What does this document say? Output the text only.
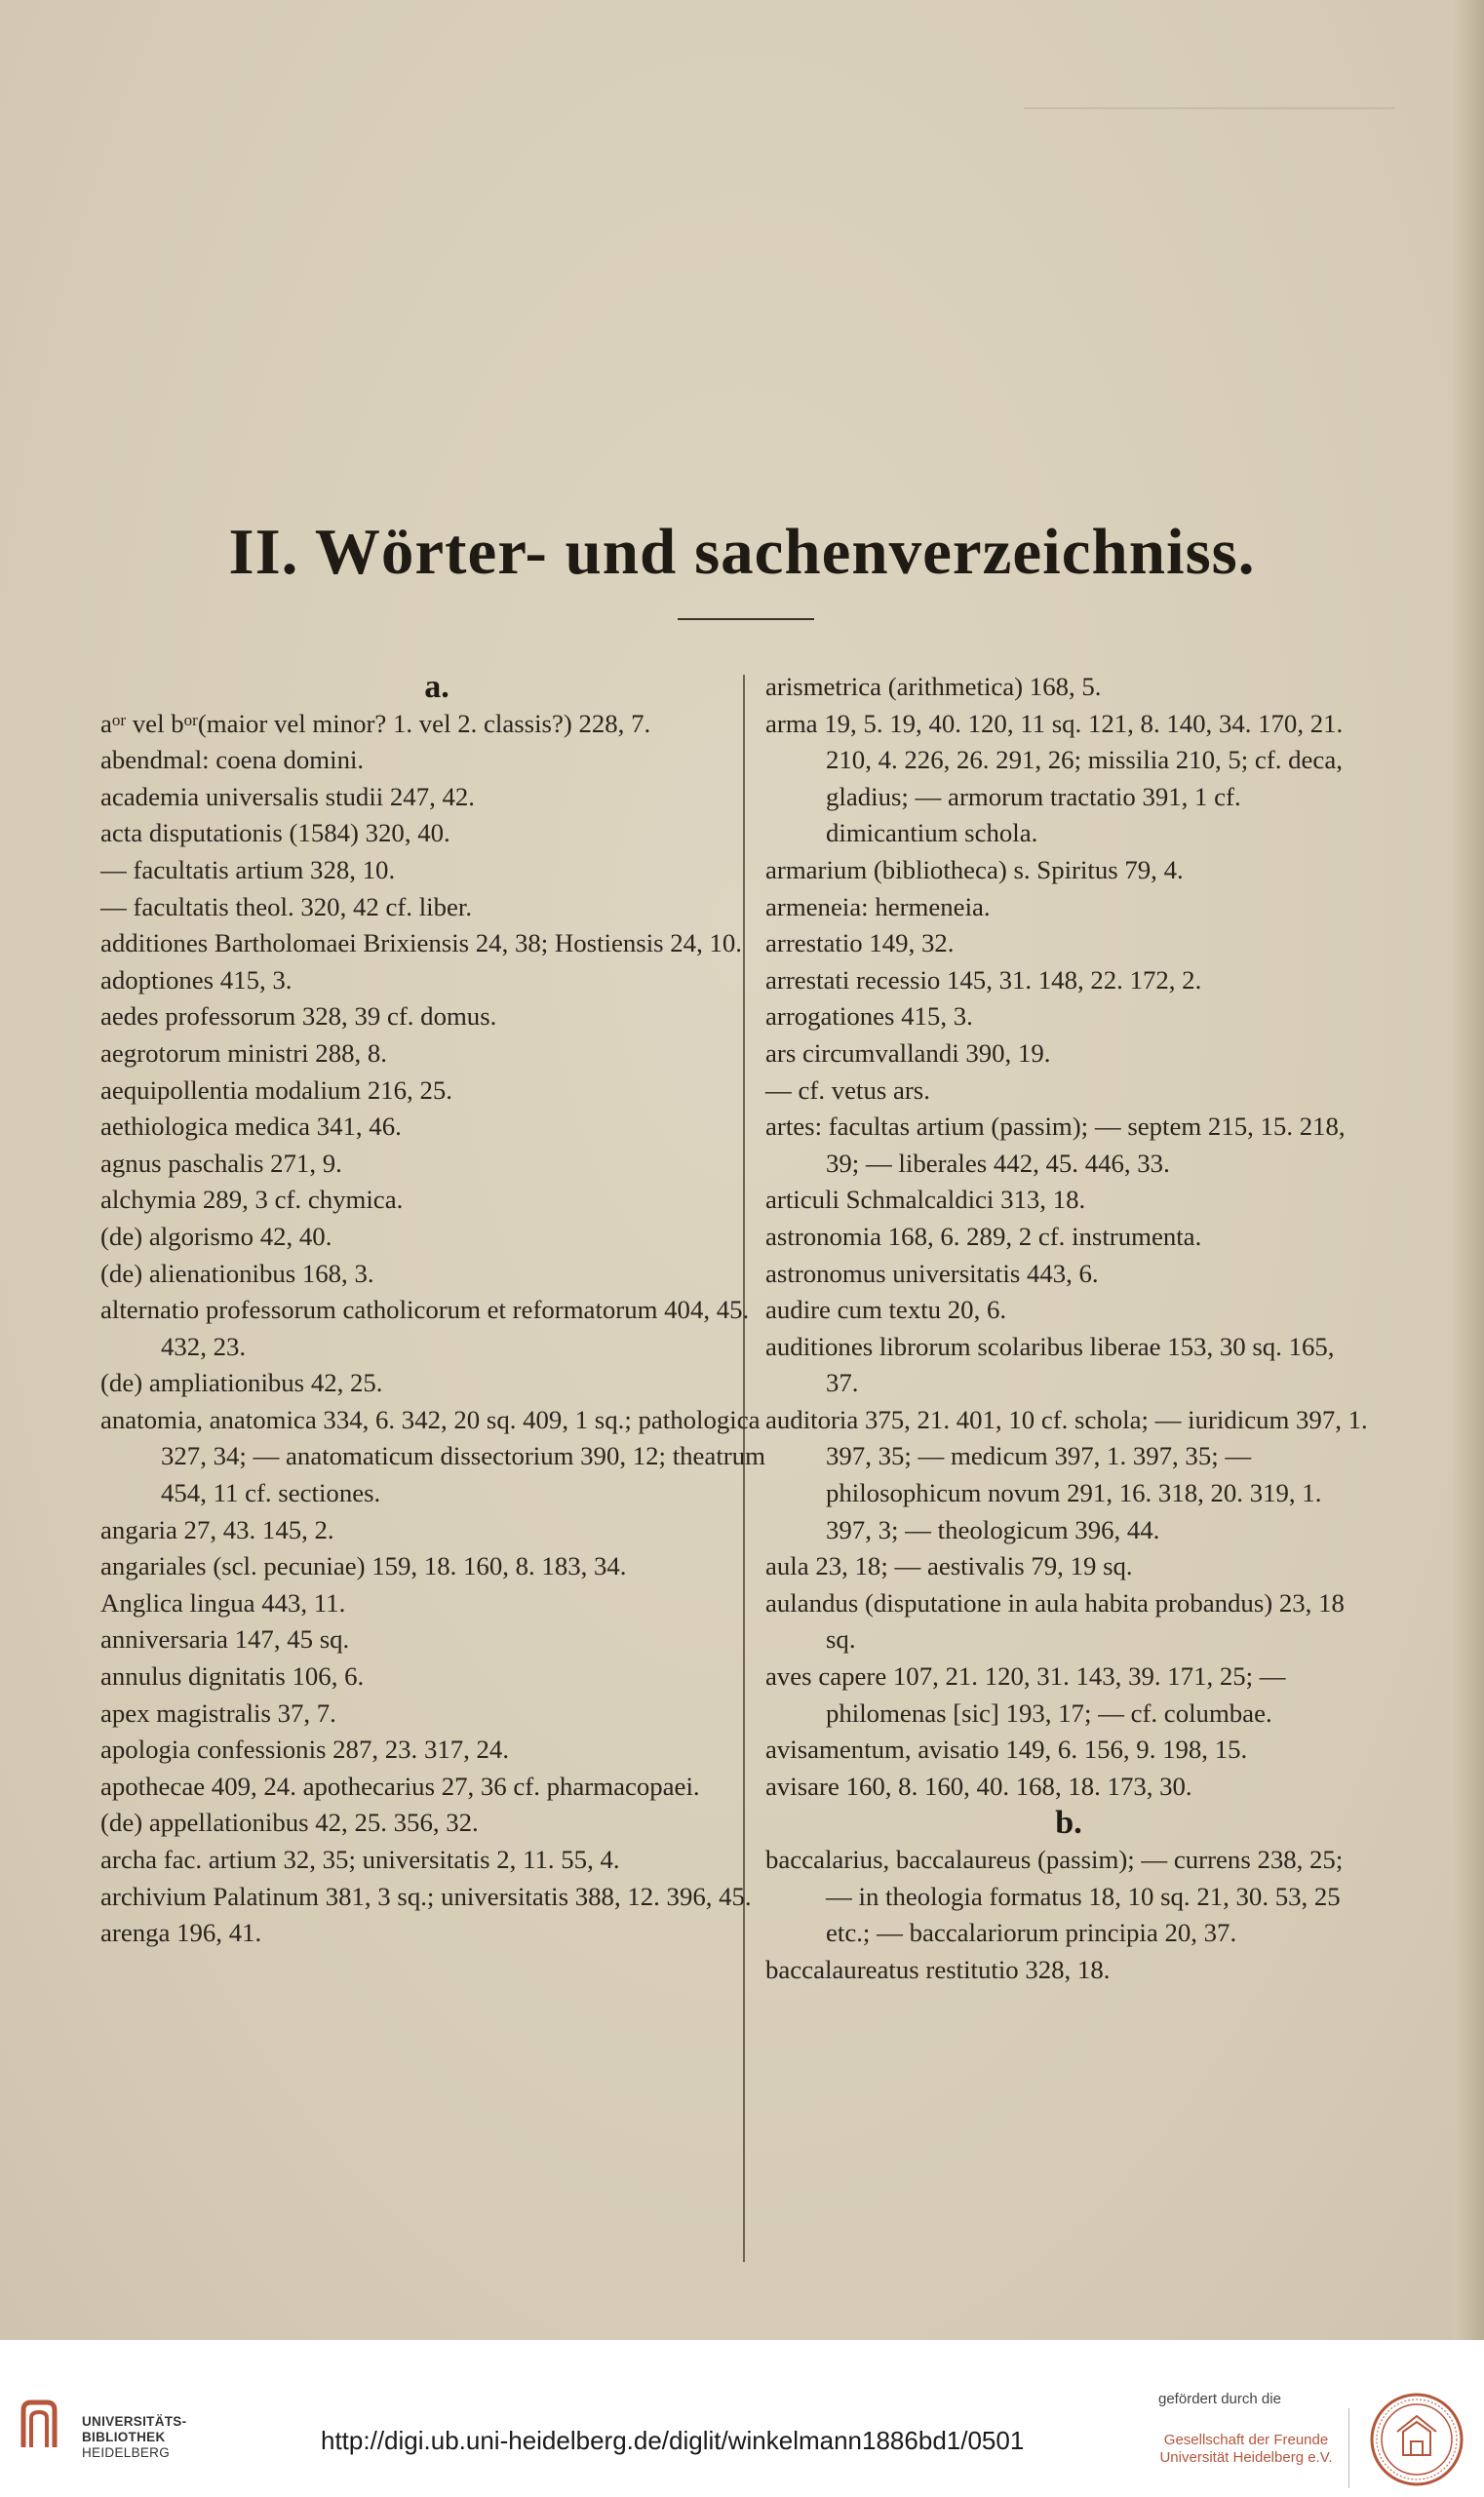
II. Wörter- und sachenverzeichniss.
a.
$a^{or}$ vel $b^{or}(maior$ vel minor? 1. vel 2. classis?) 228, 7.
abendmal: coena domini.
academia universalis studii 247, 42.
acta disputationis (1584) 320, 40.
— facultatis artium 328, 10.
— facultatis theol. 320, 42 cf. liber.
additiones Bartholomaei Brixiensis 24, 38; Hostiensis 24, 10.
adoptiones 415, 3.
aedes professorum 328, 39 cf. domus.
aegrotorum ministri 288, 8.
aequipollentia modalium 216, 25.
aethiologica medica 341, 46.
agnus paschalis 271, 9.
alchymia 289, 3 cf. chymica.
(de) algorismo 42, 40.
(de) alienationibus 168, 3.
alternatio professorum catholicorum et reformatorum 404, 45. 432, 23.
(de) ampliationibus 42, 25.
anatomia, anatomica 334, 6. 342, 20 sq. 409, 1 sq.; pathologica 327, 34; — anatomaticum dissectorium 390, 12; theatrum 454, 11 cf. sectiones.
angaria 27, 43. 145, 2.
angariales (scl. pecuniae) 159, 18. 160, 8. 183, 34.
Anglica lingua 443, 11.
anniversaria 147, 45 sq.
annulus dignitatis 106, 6.
apex magistralis 37, 7.
apologia confessionis 287, 23. 317, 24.
apothecae 409, 24. apothecarius 27, 36 cf. pharmacopaei.
(de) appellationibus 42, 25. 356, 32.
archa fac. artium 32, 35; universitatis 2, 11. 55, 4.
archivium Palatinum 381, 3 sq.; universitatis 388, 12. 396, 45.
arenga 196, 41.
arismetrica (arithmetica) 168, 5.
arma 19, 5. 19, 40. 120, 11 sq. 121, 8. 140, 34. 170, 21. 210, 4. 226, 26. 291, 26; missilia 210, 5; cf. deca, gladius; — armorum tractatio 391, 1 cf. dimicantium schola.
armarium (bibliotheca) s. Spiritus 79, 4.
armeneia: hermeneia.
arrestatio 149, 32.
arrestati recessio 145, 31. 148, 22. 172, 2.
arrogationes 415, 3.
ars circumvallandi 390, 19.
— cf. vetus ars.
artes: facultas artium (passim); — septem 215, 15. 218, 39; — liberales 442, 45. 446, 33.
articuli Schmalcaldici 313, 18.
astronomia 168, 6. 289, 2 cf. instrumenta.
astronomus universitatis 443, 6.
audire cum textu 20, 6.
auditiones librorum scolaribus liberae 153, 30 sq. 165, 37.
auditoria 375, 21. 401, 10 cf. schola; — iuridicum 397, 1. 397, 35; — medicum 397, 1. 397, 35; — philosophicum novum 291, 16. 318, 20. 319, 1. 397, 3; — theologicum 396, 44.
aula 23, 18; — aestivalis 79, 19 sq.
aulandus (disputatione in aula habita probandus) 23, 18 sq.
aves capere 107, 21. 120, 31. 143, 39. 171, 25; — philomenas [sic] 193, 17; — cf. columbae.
avisamentum, avisatio 149, 6. 156, 9. 198, 15.
avisare 160, 8. 160, 40. 168, 18. 173, 30.
b.
baccalarius, baccalaureus (passim); — currens 238, 25; — in theologia formatus 18, 10 sq. 21, 30. 53, 25 etc.; — baccalariorum principia 20, 37.
baccalaureatus restitutio 328, 18.
UNIVERSITÄTS-
BIBLIOTHEK
HEIDELBERG	http://digi.ub.uni-heidelberg.de/diglit/winkelmann1886bd1/0501
gefördert durch die
Gesellschaft der Freunde
Universität Heidelberg e.V.
